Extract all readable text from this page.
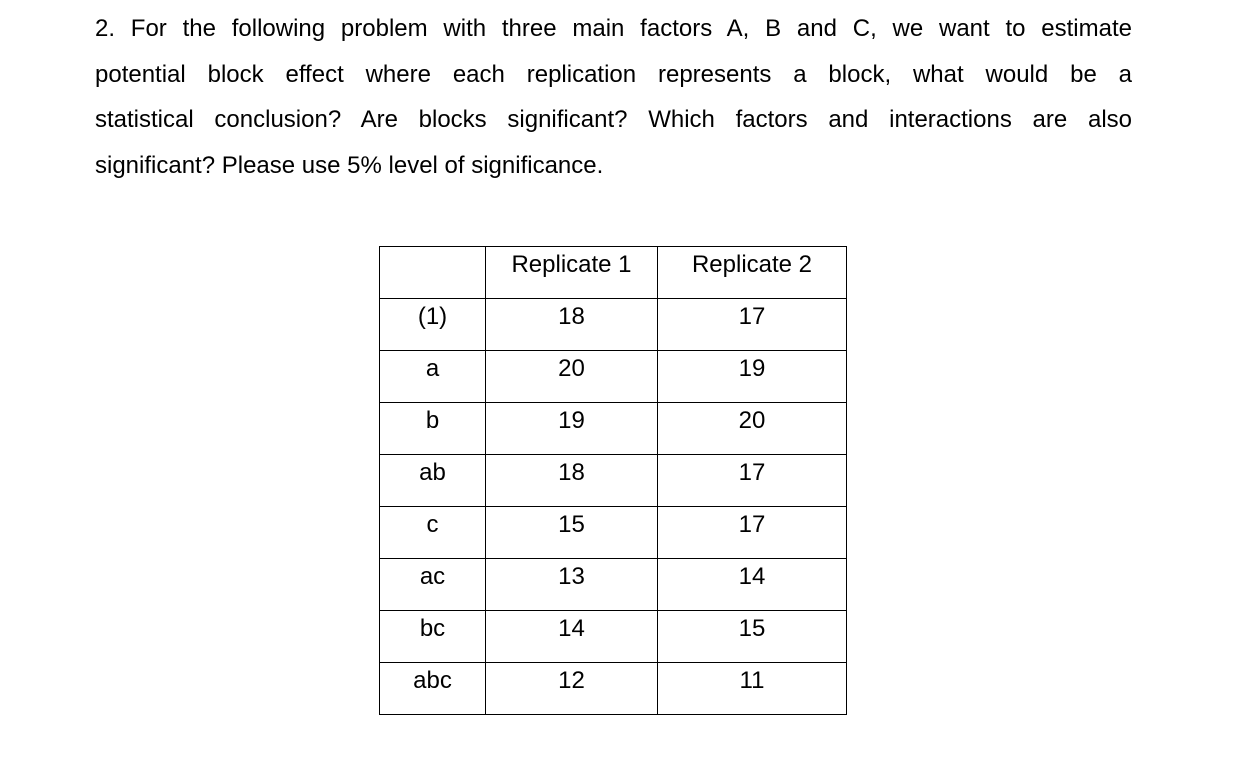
2. For the following problem with three main factors A, B and C, we want to estimate
potential block effect where each replication represents a block, what would be a
statistical conclusion? Are blocks significant? Which factors and interactions are also
significant? Please use 5% level of significance.

	Replicate 1	Replicate 2
(1)	18	17
a	20	19
b	19	20
ab	18	17
c	15	17
ac	13	14
bc	14	15
abc	12	11
